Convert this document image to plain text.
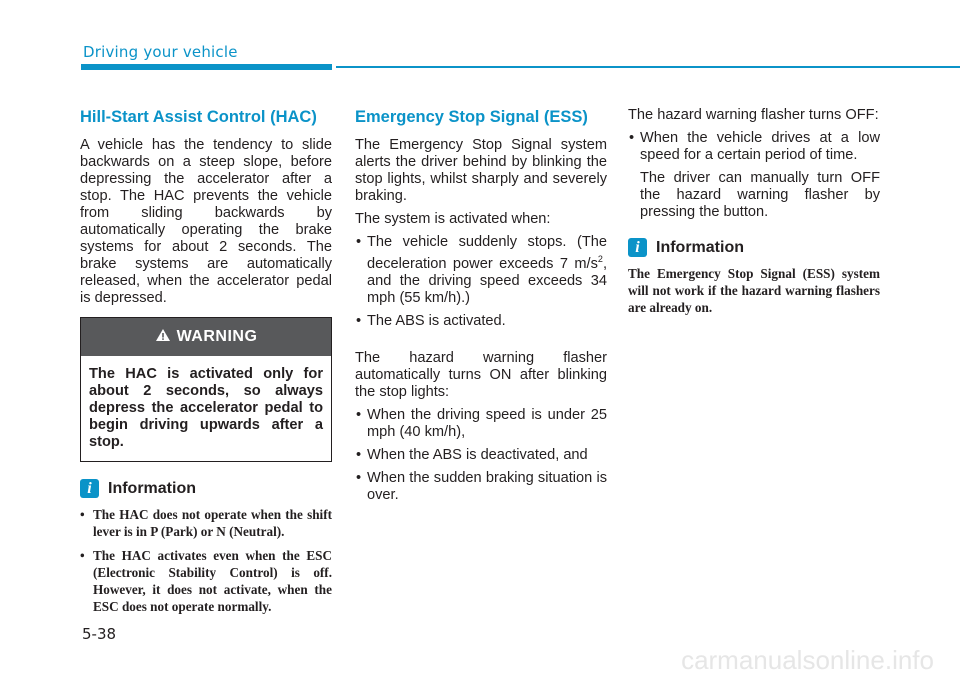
Driving your vehicle
Hill-Start Assist Control (HAC)

A vehicle has the tendency to slide backwards on a steep slope, before depressing the accelerator after a stop. The HAC prevents the vehicle from sliding backwards by automatically operating the brake systems for about 2 seconds. The brake systems are automatically released, when the accelerator pedal is depressed.

WARNING
The HAC is activated only for about 2 seconds, so always depress the accelerator pedal to begin driving upwards after a stop.
i	Information
• The HAC does not operate when the shift lever is in P (Park) or N (Neutral).
• The HAC activates even when the ESC (Electronic Stability Control) is off. However, it does not activate, when the ESC does not operate normally.
Emergency Stop Signal (ESS)

The Emergency Stop Signal system alerts the driver behind by blinking the stop lights, whilst sharply and severely braking.

The system is activated when:

• The vehicle suddenly stops. (The deceleration power exceeds 7 $m/s^2$, and the driving speed exceeds 34 mph (55 km/h).)
• The ABS is activated.

The hazard warning flasher automatically turns ON after blinking the stop lights:

• When the driving speed is under 25 mph (40 km/h),
• When the ABS is deactivated, and
• When the sudden braking situation is over.

The hazard warning flasher turns OFF:

• When the vehicle drives at a low speed for a certain period of time.

The driver can manually turn OFF the hazard warning flasher by pressing the button.

i	Information

The Emergency Stop Signal (ESS) system will not work if the hazard warning flashers are already on.

5-38
carmanualsonline.info
